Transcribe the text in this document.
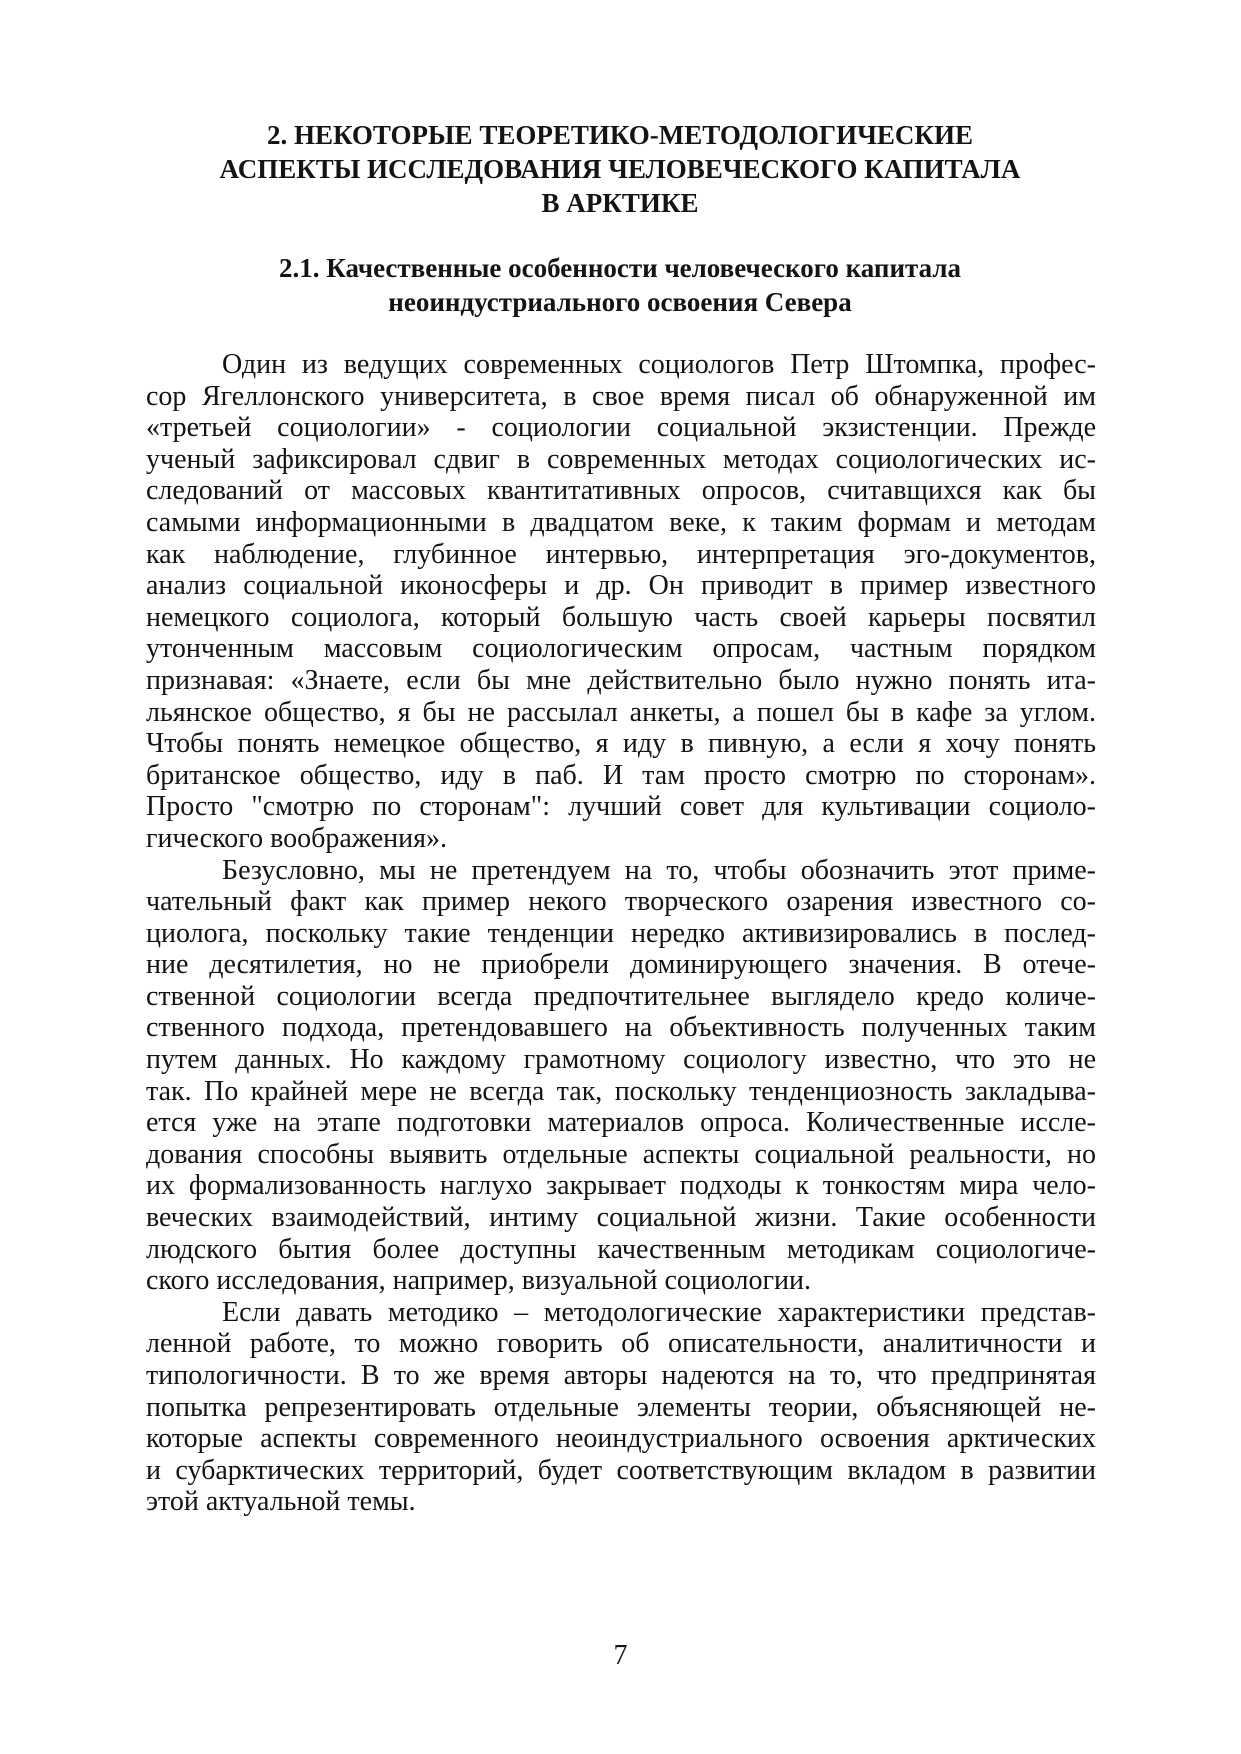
2. НЕКОТОРЫЕ ТЕОРЕТИКО-МЕТОДОЛОГИЧЕСКИЕ
АСПЕКТЫ ИССЛЕДОВАНИЯ ЧЕЛОВЕЧЕСКОГО КАПИТАЛА
В АРКТИКЕ
2.1. Качественные особенности человеческого капитала
неоиндустриального освоения Севера

Один из ведущих современных социологов Петр Штомпка, профес-
сор Ягеллонского университета, в свое время писал об обнаруженной им
«третьей социологии» - социологии социальной экзистенции. Прежде
ученый зафиксировал сдвиг в современных методах социологических ис-
следований от массовых квантитативных опросов, считавщихся как бы
самыми информационными в двадцатом веке, к таким формам и методам
как наблюдение, глубинное интервью, интерпретация эго-документов,
анализ социальной иконосферы и др. Он приводит в пример известного
немецкого социолога, который большую часть своей карьеры посвятил
утонченным массовым социологическим опросам, частным порядком
признавая: «Знаете, если бы мне действительно было нужно понять ита-
льянское общество, я бы не рассылал анкеты, а пошел бы в кафе за углом.
Чтобы понять немецкое общество, я иду в пивную, а если я хочу понять
британское общество, иду в паб. И там просто смотрю по сторонам».
Просто "смотрю по сторонам": лучший совет для культивации социоло-
гического воображения».

Безусловно, мы не претендуем на то, чтобы обозначить этот приме-
чательный факт как пример некого творческого озарения известного со-
циолога, поскольку такие тенденции нередко активизировались в послед-
ние десятилетия, но не приобрели доминирующего значения. В отече-
ственной социологии всегда предпочтительнее выглядело кредо количе-
ственного подхода, претендовавшего на объективность полученных таким
путем данных. Но каждому грамотному социологу известно, что это не
так. По крайней мере не всегда так, поскольку тенденциозность закладыва-
ется уже на этапе подготовки материалов опроса. Количественные иссле-
дования способны выявить отдельные аспекты социальной реальности, но
их формализованность наглухо закрывает подходы к тонкостям мира чело-
веческих взаимодействий, интиму социальной жизни. Такие особенности
людского бытия более доступны качественным методикам социологиче-
ского исследования, например, визуальной социологии.

Если давать методико – методологические характеристики представ-
ленной работе, то можно говорить об описательности, аналитичности и
типологичности. В то же время авторы надеются на то, что предпринятая
попытка репрезентировать отдельные элементы теории, объясняющей не-
которые аспекты современного неоиндустриального освоения арктических
и субарктических территорий, будет соответствующим вкладом в развитии
этой актуальной темы.

7
